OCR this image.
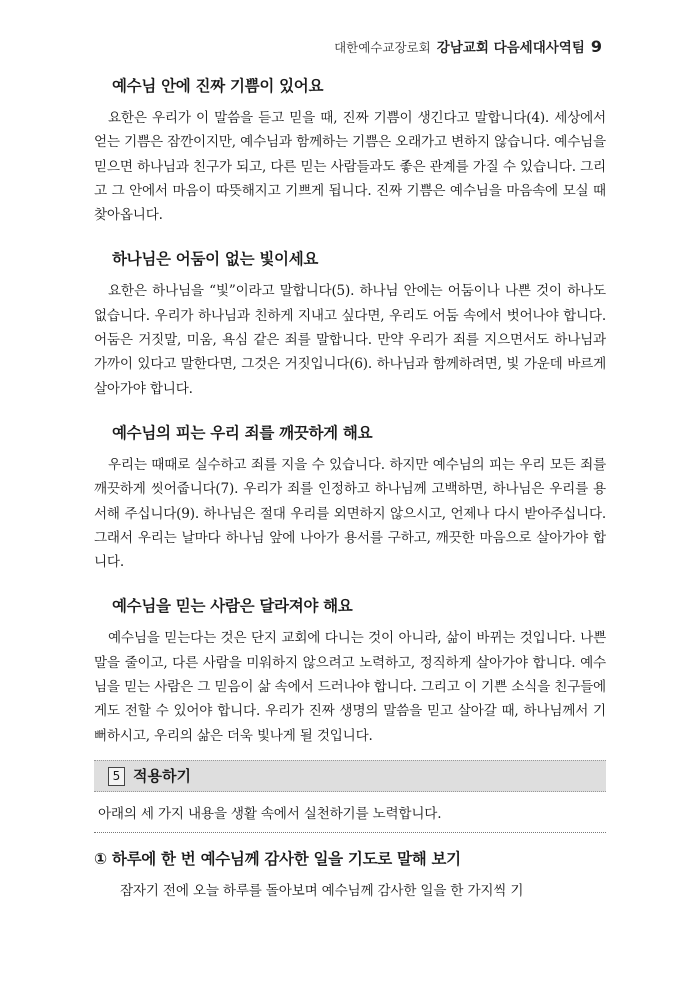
대한예수교장로회 강남교회 다음세대사역팀 9
예수님 안에 진짜 기쁨이 있어요

요한은 우리가 이 말씀을 듣고 믿을 때, 진짜 기쁨이 생긴다고 말합니다(4). 세상에서 얻는 기쁨은 잠깐이지만, 예수님과 함께하는 기쁨은 오래가고 변하지 않습니다. 예수님을 믿으면 하나님과 친구가 되고, 다른 믿는 사람들과도 좋은 관계를 가질 수 있습니다. 그리고 그 안에서 마음이 따뜻해지고 기쁘게 됩니다. 진짜 기쁨은 예수님을 마음속에 모실 때 찾아옵니다.

하나님은 어둠이 없는 빛이세요

요한은 하나님을 “빛”이라고 말합니다(5). 하나님 안에는 어둠이나 나쁜 것이 하나도 없습니다. 우리가 하나님과 친하게 지내고 싶다면, 우리도 어둠 속에서 벗어나야 합니다. 어둠은 거짓말, 미움, 욕심 같은 죄를 말합니다. 만약 우리가 죄를 지으면서도 하나님과 가까이 있다고 말한다면, 그것은 거짓입니다(6). 하나님과 함께하려면, 빛 가운데 바르게 살아가야 합니다.

예수님의 피는 우리 죄를 깨끗하게 해요

우리는 때때로 실수하고 죄를 지을 수 있습니다. 하지만 예수님의 피는 우리 모든 죄를 깨끗하게 씻어줍니다(7). 우리가 죄를 인정하고 하나님께 고백하면, 하나님은 우리를 용서해 주십니다(9). 하나님은 절대 우리를 외면하지 않으시고, 언제나 다시 받아주십니다. 그래서 우리는 날마다 하나님 앞에 나아가 용서를 구하고, 깨끗한 마음으로 살아가야 합니다.

예수님을 믿는 사람은 달라져야 해요

예수님을 믿는다는 것은 단지 교회에 다니는 것이 아니라, 삶이 바뀌는 것입니다. 나쁜 말을 줄이고, 다른 사람을 미워하지 않으려고 노력하고, 정직하게 살아가야 합니다. 예수님을 믿는 사람은 그 믿음이 삶 속에서 드러나야 합니다. 그리고 이 기쁜 소식을 친구들에게도 전할 수 있어야 합니다. 우리가 진짜 생명의 말씀을 믿고 살아갈 때, 하나님께서 기뻐하시고, 우리의 삶은 더욱 빛나게 될 것입니다.

5 적용하기
아래의 세 가지 내용을 생활 속에서 실천하기를 노력합니다.
① 하루에 한 번 예수님께 감사한 일을 기도로 말해 보기
잠자기 전에 오늘 하루를 돌아보며 예수님께 감사한 일을 한 가지씩 기
